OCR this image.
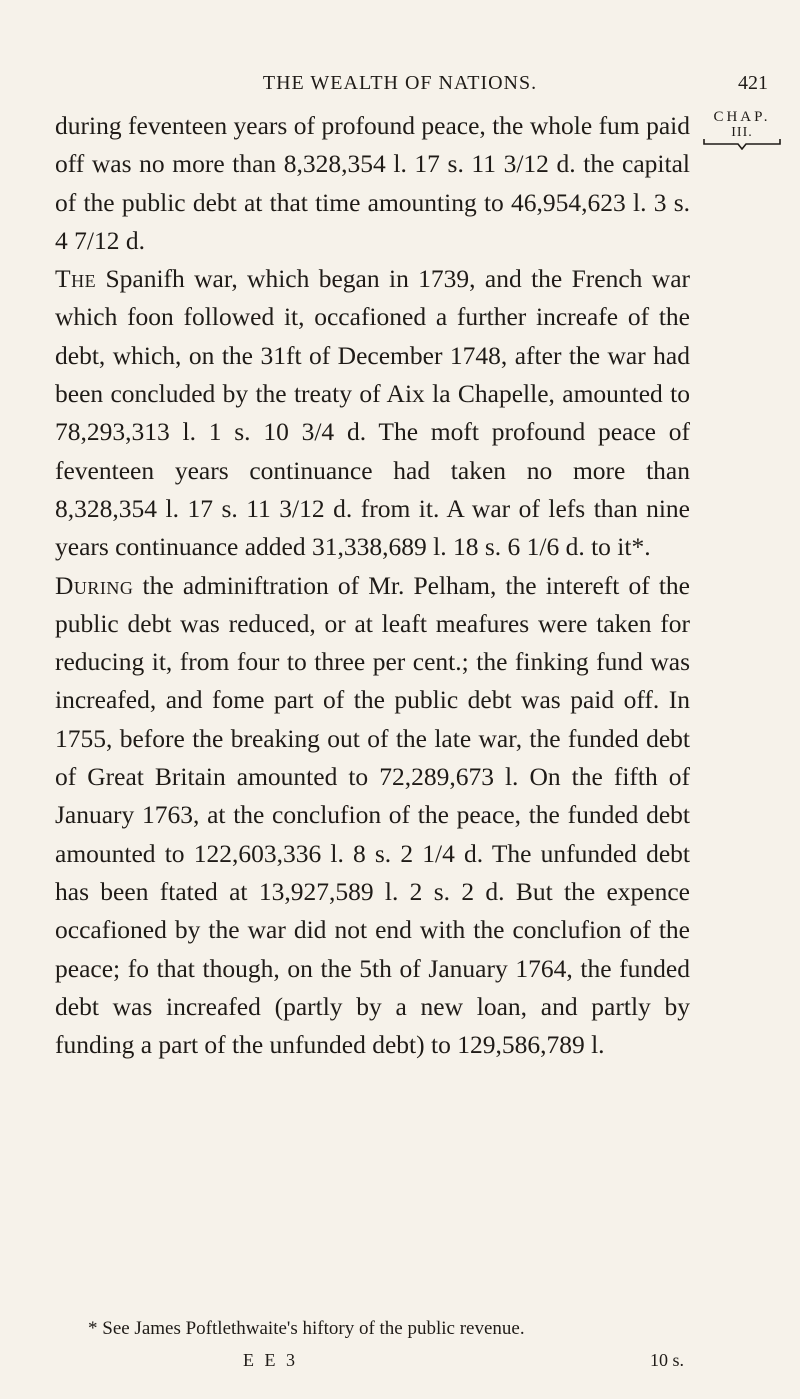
THE WEALTH OF NATIONS.	421
CHAP.
III.

during feventeen years of profound peace, the whole fum paid off was no more than 8,328,354 l. 17 s. 11 3/12 d. the capital of the public debt at that time amounting to 46,954,623 l. 3 s. 4 7/12 d.

The Spanifh war, which began in 1739, and the French war which foon followed it, occafioned a further increafe of the debt, which, on the 31ft of December 1748, after the war had been concluded by the treaty of Aix la Chapelle, amounted to 78,293,313 l. 1 s. 10 3/4 d. The moft profound peace of feventeen years continuance had taken no more than 8,328,354 l. 17 s. 11 3/12 d. from it. A war of lefs than nine years continuance added 31,338,689 l. 18 s. 6 1/6 d. to it*.

During the adminiftration of Mr. Pelham, the intereft of the public debt was reduced, or at leaft meafures were taken for reducing it, from four to three per cent.; the finking fund was increafed, and fome part of the public debt was paid off. In 1755, before the breaking out of the late war, the funded debt of Great Britain amounted to 72,289,673 l. On the fifth of January 1763, at the conclufion of the peace, the funded debt amounted to 122,603,336 l. 8 s. 2 1/4 d. The unfunded debt has been ftated at 13,927,589 l. 2 s. 2 d. But the expence occafioned by the war did not end with the conclufion of the peace; fo that though, on the 5th of January 1764, the funded debt was increafed (partly by a new loan, and partly by funding a part of the unfunded debt) to 129,586,789 l.

* See James Poftlethwaite's hiftory of the public revenue.
E E 3	10 s.
